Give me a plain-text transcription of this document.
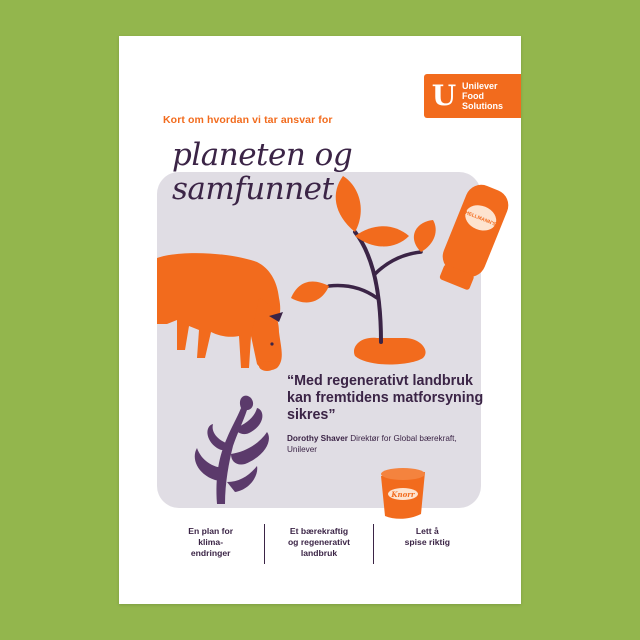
U Unilever
Food
Solutions
Kort om hvordan vi tar ansvar for
HELLMANN'S
Knorr
planeten og
samfunnet
“Med regenerativt landbruk kan fremtidens matforsyning sikres”
Dorothy Shaver Direktør for Global bærekraft, Unilever
En plan for
klima-
endringer
Et bærekraftig
og regenerativt
landbruk
Lett å
spise riktig
